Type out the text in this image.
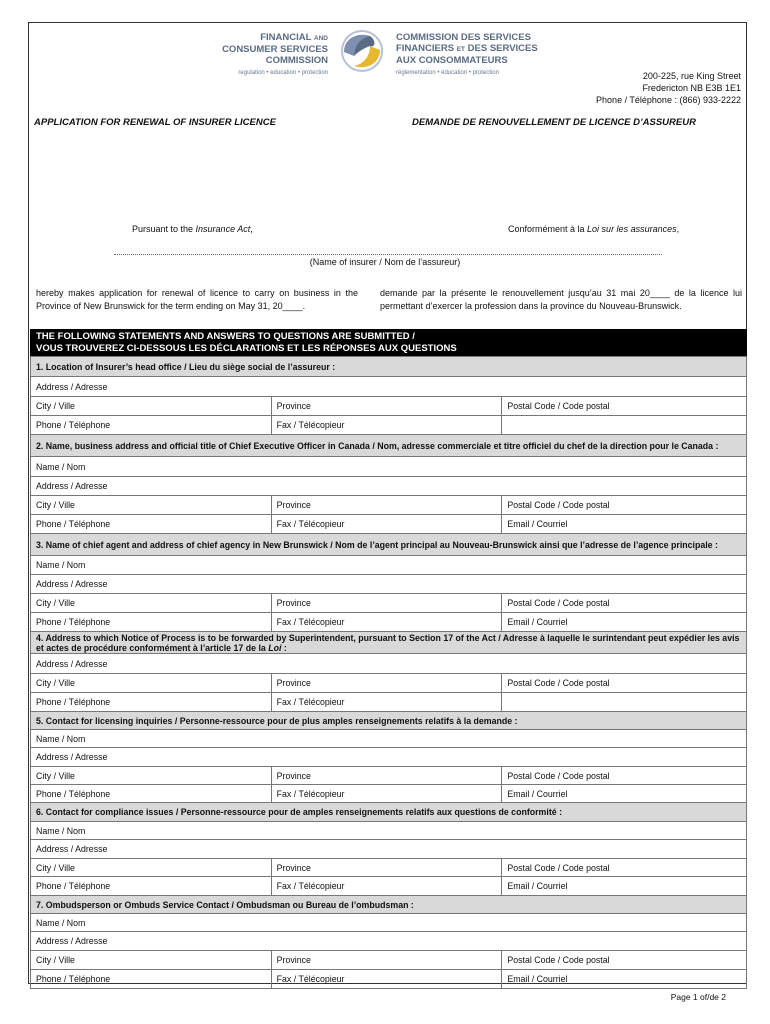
FINANCIAL AND
CONSUMER SERVICES
COMMISSION
COMMISSION DES SERVICES
FINANCIERS ET DES SERVICES
AUX CONSOMMATEURS
regulation • education • protection	réglementation • éducation • protection	200-225, rue King Street
Fredericton NB E3B 1E1
Phone / Téléphone : (866) 933-2222
APPLICATION FOR RENEWAL OF INSURER LICENCE	DEMANDE DE RENOUVELLEMENT DE LICENCE D’ASSUREUR
Pursuant to the Insurance Act,	Conformément à la Loi sur les assurances,
(Name of insurer / Nom de l’assureur)
hereby makes application for renewal of licence to carry on business in the Province of New Brunswick for the term ending on May 31, 20____.
demande par la présente le renouvellement jusqu’au 31 mai 20____ de la licence lui permettant d’exercer la profession dans la province du Nouveau-Brunswick.
THE FOLLOWING STATEMENTS AND ANSWERS TO QUESTIONS ARE SUBMITTED /
VOUS TROUVEREZ CI-DESSOUS LES DÉCLARATIONS ET LES RÉPONSES AUX QUESTIONS
1. Location of Insurer’s head office / Lieu du siège social de l’assureur :		
Address / Adresse		
City / Ville	Province	Postal Code / Code postal
Phone / Téléphone	Fax / Télécopieur	
2. Name, business address and official title of Chief Executive Officer in Canada / Nom, adresse commerciale et titre officiel du chef de la direction pour le Canada :		
Name / Nom		
Address / Adresse		
City / Ville	Province	Postal Code / Code postal
Phone / Téléphone	Fax / Télécopieur	Email / Courriel
3. Name of chief agent and address of chief agency in New Brunswick / Nom de l’agent principal au Nouveau-Brunswick ainsi que l’adresse de l’agence principale :		
Name / Nom		
Address / Adresse		
City / Ville	Province	Postal Code / Code postal
Phone / Téléphone	Fax / Télécopieur	Email / Courriel
4. Address to which Notice of Process is to be forwarded by Superintendent, pursuant to Section 17 of the Act / Adresse à laquelle le surintendant peut expédier les avis et actes de procédure conformément à l’article 17 de la Loi :		
Address / Adresse		
City / Ville	Province	Postal Code / Code postal
Phone / Téléphone	Fax / Télécopieur	
5. Contact for licensing inquiries / Personne-ressource pour de plus amples renseignements relatifs à la demande :		
Name / Nom		
Address / Adresse		
City / Ville	Province	Postal Code / Code postal
Phone / Téléphone	Fax / Télécopieur	Email / Courriel
6. Contact for compliance issues / Personne-ressource pour de amples renseignements relatifs aux questions de conformité :		
Name / Nom		
Address / Adresse		
City / Ville	Province	Postal Code / Code postal
Phone / Téléphone	Fax / Télécopieur	Email / Courriel
7. Ombudsperson or Ombuds Service Contact / Ombudsman ou Bureau de l’ombudsman :		
Name / Nom		
Address / Adresse		
City / Ville	Province	Postal Code / Code postal
Phone / Téléphone	Fax / Télécopieur	Email / Courriel
Page 1 of/de 2
